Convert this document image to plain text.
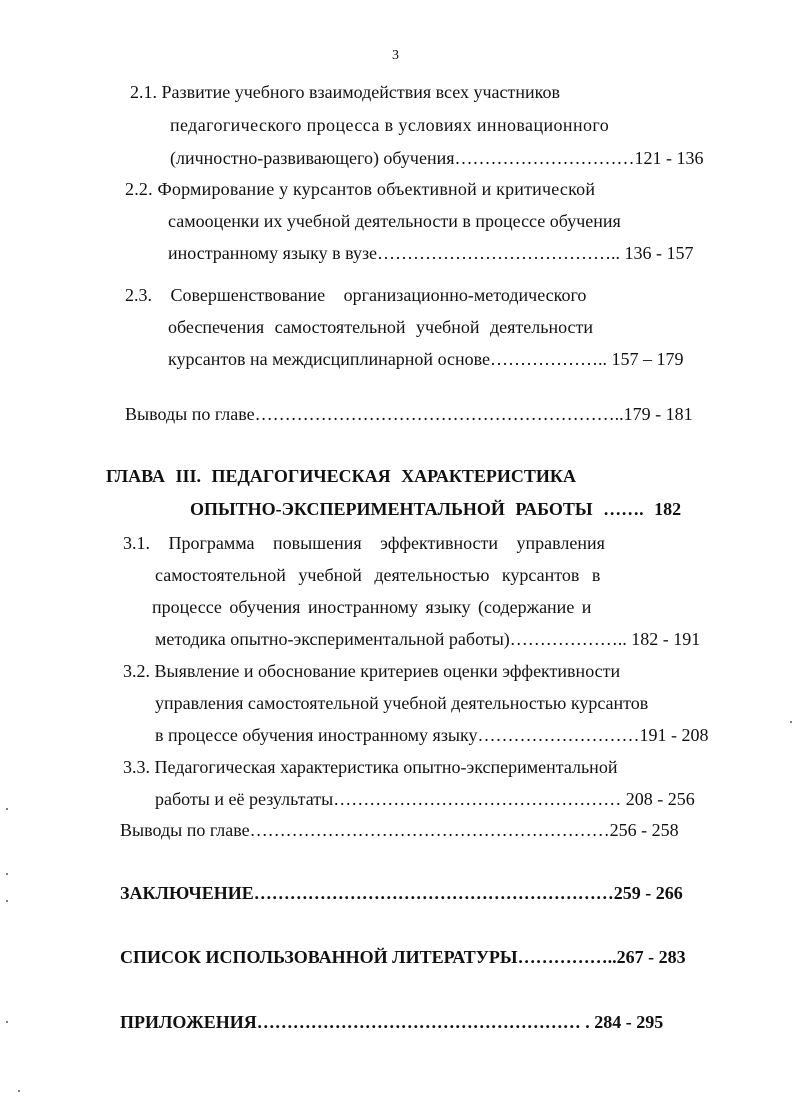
3
2.1. Развитие учебного взаимодействия всех участников
педагогического процесса в условиях инновационного
(личностно-развивающего) обучения…………………………121 - 136
2.2. Формирование у курсантов объективной и критической
самооценки их учебной деятельности в процессе обучения
иностранному языку в вузе………………………………….. 136 - 157
2.3. Совершенствование организационно-методического
обеспечения самостоятельной учебной деятельности
курсантов на междисциплинарной основе……………….. 157 – 179
Выводы по главе……………………………………………………..179 - 181
ГЛАВА III. ПЕДАГОГИЧЕСКАЯ ХАРАКТЕРИСТИКА
ОПЫТНО-ЭКСПЕРИМЕНТАЛЬНОЙ РАБОТЫ ……. 182
3.1. Программа повышения эффективности управления
самостоятельной учебной деятельностью курсантов в
процессе обучения иностранному языку (содержание и
методика опытно-экспериментальной работы)……………….. 182 - 191
3.2. Выявление и обоснование критериев оценки эффективности
управления самостоятельной учебной деятельностью курсантов
в процессе обучения иностранному языку………………………191 - 208
3.3. Педагогическая характеристика опытно-экспериментальной
работы и её результаты………………………………………… 208 - 256
Выводы по главе……………………………………………………256 - 258
ЗАКЛЮЧЕНИЕ……………………………………………………259 - 266
СПИСОК ИСПОЛЬЗОВАННОЙ ЛИТЕРАТУРЫ……………..267 - 283
ПРИЛОЖЕНИЯ……………………………………………… . 284 - 295
